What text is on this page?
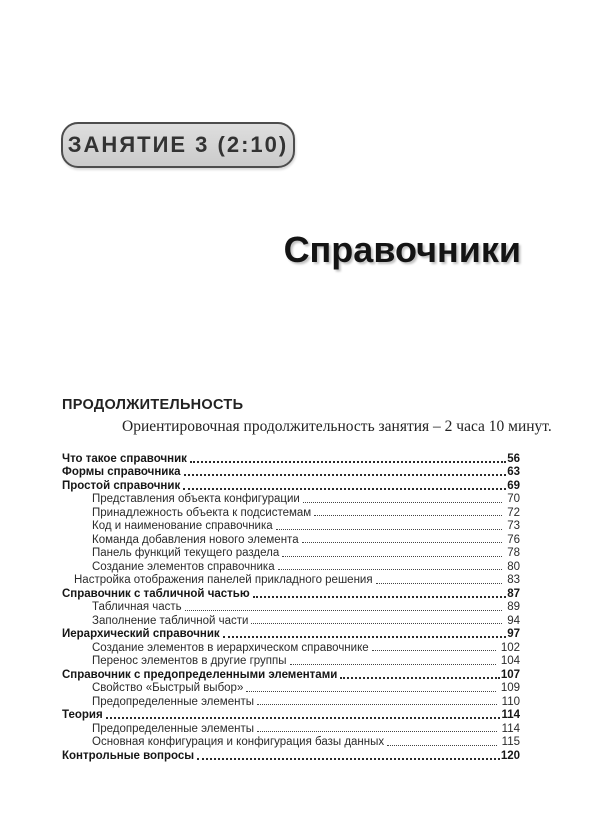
ЗАНЯТИЕ 3 (2:10)
Справочники
ПРОДОЛЖИТЕЛЬНОСТЬ
Ориентировочная продолжительность занятия – 2 часа 10 минут.
Что такое справочник	56
Формы справочника	63
Простой справочник	69
Представления объекта конфигурации	70
Принадлежность объекта к подсистемам	72
Код и наименование справочника	73
Команда добавления нового элемента	76
Панель функций текущего раздела	78
Создание элементов справочника	80
Настройка отображения панелей прикладного решения	83
Справочник с табличной частью	87
Табличная часть	89
Заполнение табличной части	94
Иерархический справочник	97
Создание элементов в иерархическом справочнике	102
Перенос элементов в другие группы	104
Справочник с предопределенными элементами	107
Свойство «Быстрый выбор»	109
Предопределенные элементы	110
Теория	114
Предопределенные элементы	114
Основная конфигурация и конфигурация базы данных	115
Контрольные вопросы	120
